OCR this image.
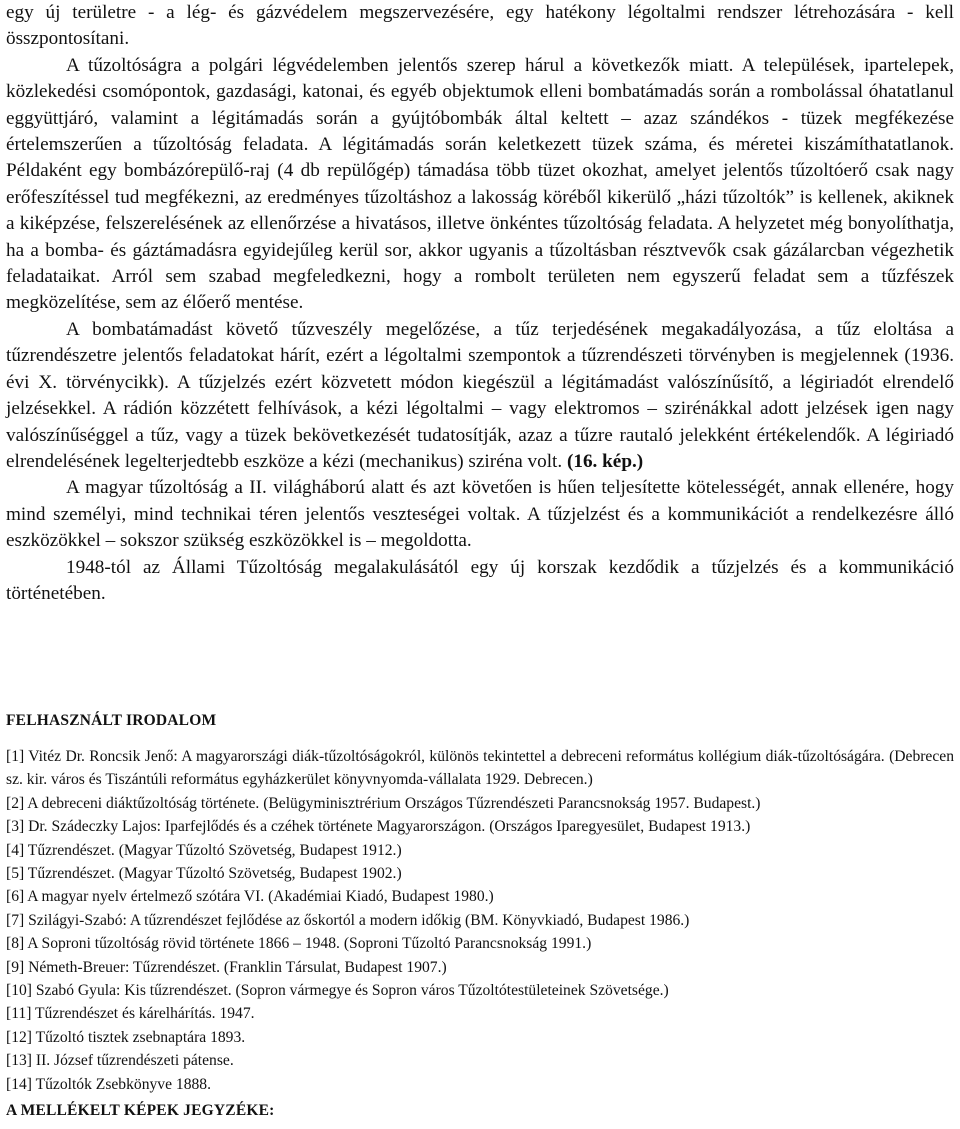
egy új területre - a lég- és gázvédelem megszervezésére, egy hatékony légoltalmi rendszer létrehozására - kell összpontosítani.

A tűzoltóságra a polgári légvédelemben jelentős szerep hárul a következők miatt. A települések, ipartelepek, közlekedési csomópontok, gazdasági, katonai, és egyéb objektumok elleni bombatámadás során a rombolással óhatatlanul eggyüttjáró, valamint a légitámadás során a gyújtóbombák által keltett – azaz szándékos - tüzek megfékezése értelemszerűen a tűzoltóság feladata. A légitámadás során keletkezett tüzek száma, és méretei kiszámíthatatlanok. Példaként egy bombázórepülő-raj (4 db repülőgép) támadása több tüzet okozhat, amelyet jelentős tűzoltóerő csak nagy erőfeszítéssel tud megfékezni, az eredményes tűzoltáshoz a lakosság köréből kikerülő „házi tűzoltók” is kellenek, akiknek a kiképzése, felszerelésének az ellenőrzése a hivatásos, illetve önkéntes tűzoltóság feladata. A helyzetet még bonyolíthatja, ha a bomba- és gáztámadásra egyidejűleg kerül sor, akkor ugyanis a tűzoltásban résztvevők csak gázálarcban végezhetik feladataikat. Arról sem szabad megfeledkezni, hogy a rombolt területen nem egyszerű feladat sem a tűzfészek megközelítése, sem az élőerő mentése.

A bombatámadást követő tűzveszély megelőzése, a tűz terjedésének megakadályozása, a tűz eloltása a tűzrendészetre jelentős feladatokat hárít, ezért a légoltalmi szempontok a tűzrendészeti törvényben is megjelennek (1936. évi X. törvénycikk). A tűzjelzés ezért közvetett módon kiegészül a légitámadást valószínűsítő, a légiriadót elrendelő jelzésekkel. A rádión közzétett felhívások, a kézi légoltalmi – vagy elektromos – szirénákkal adott jelzések igen nagy valószínűséggel a tűz, vagy a tüzek bekövetkezését tudatosítják, azaz a tűzre rautaló jelekként értékelendők. A légiriadó elrendelésének legelterjedtebb eszköze a kézi (mechanikus) sziréna volt. (16. kép.)

A magyar tűzoltóság a II. világháború alatt és azt követően is hűen teljesítette kötelességét, annak ellenére, hogy mind személyi, mind technikai téren jelentős veszteségei voltak. A tűzjelzést és a kommunikációt a rendelkezésre álló eszközökkel – sokszor szükség eszközökkel is – megoldotta.

1948-tól az Állami Tűzoltóság megalakulásától egy új korszak kezdődik a tűzjelzés és a kommunikáció történetében.

FELHASZNÁLT IRODALOM
[1] Vitéz Dr. Roncsik Jenő: A magyarországi diák-tűzoltóságokról, különös tekintettel a debreceni református kollégium diák-tűzoltóságára. (Debrecen sz. kir. város és Tiszántúli református egyházkerület könyvnyomda-vállalata 1929. Debrecen.)
[2] A debreceni diáktűzoltóság története. (Belügyminisztrérium Országos Tűzrendészeti Parancsnokság 1957. Budapest.)
[3] Dr. Szádeczky Lajos: Iparfejlődés és a czéhek története Magyarországon. (Országos Iparegyesület, Budapest 1913.)
[4] Tűzrendészet. (Magyar Tűzoltó Szövetség, Budapest 1912.)
[5] Tűzrendészet. (Magyar Tűzoltó Szövetség, Budapest 1902.)
[6] A magyar nyelv értelmező szótára VI. (Akadémiai Kiadó, Budapest 1980.)
[7] Szilágyi-Szabó: A tűzrendészet fejlődése az őskortól a modern időkig (BM. Könyvkiadó, Budapest 1986.)
[8] A Soproni tűzoltóság rövid története 1866 – 1948. (Soproni Tűzoltó Parancsnokság 1991.)
[9] Németh-Breuer: Tűzrendészet. (Franklin Társulat, Budapest 1907.)
[10] Szabó Gyula: Kis tűzrendészet. (Sopron vármegye és Sopron város Tűzoltótestületeinek Szövetsége.)
[11] Tűzrendészet és kárelhárítás. 1947.
[12] Tűzoltó tisztek zsebnaptára 1893.
[13] II. József tűzrendészeti pátense.
[14] Tűzoltók Zsebkönyve 1888.
A MELLÉKELT KÉPEK JEGYZÉKE:
